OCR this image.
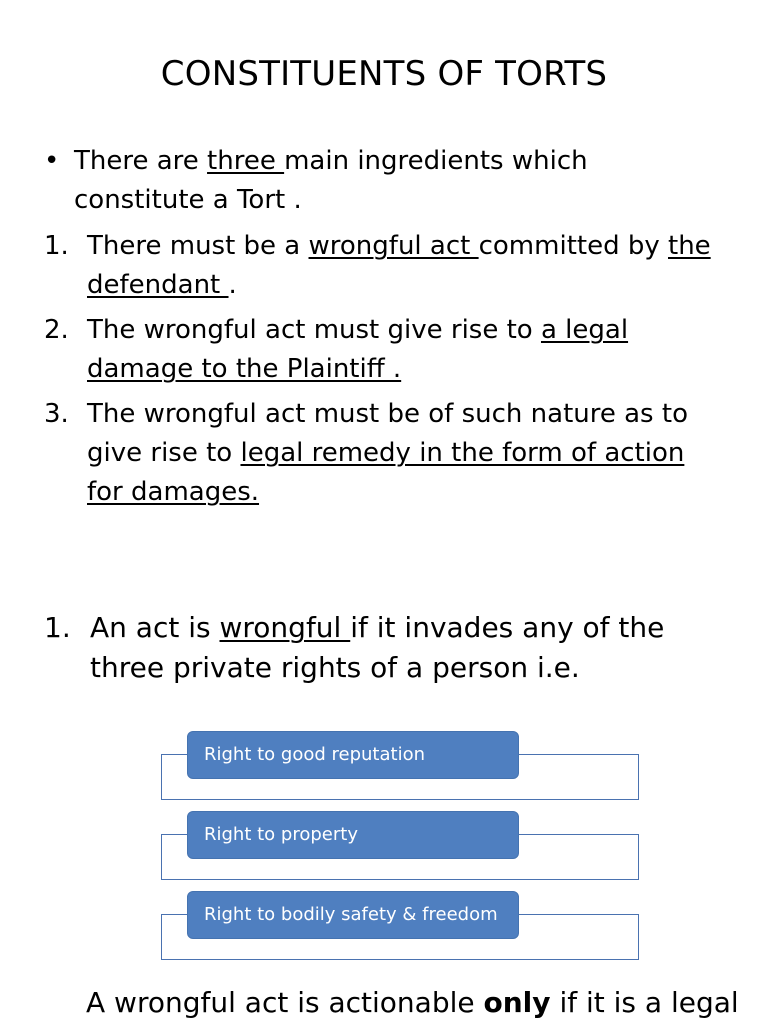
CONSTITUENTS OF TORTS
• There are three main ingredients which
constitute a Tort .
1. There must be a wrongful act committed by the
defendant .
2. The wrongful act must give rise to a legal
damage to the Plaintiff .
3. The wrongful act must be of such nature as to
give rise to legal remedy in the form of action
for damages.
1. An act is wrongful if it invades any of the
three private rights of a person i.e.
Right to good reputation
Right to property
Right to bodily safety & freedom
A wrongful act is actionable only if it is a legal
